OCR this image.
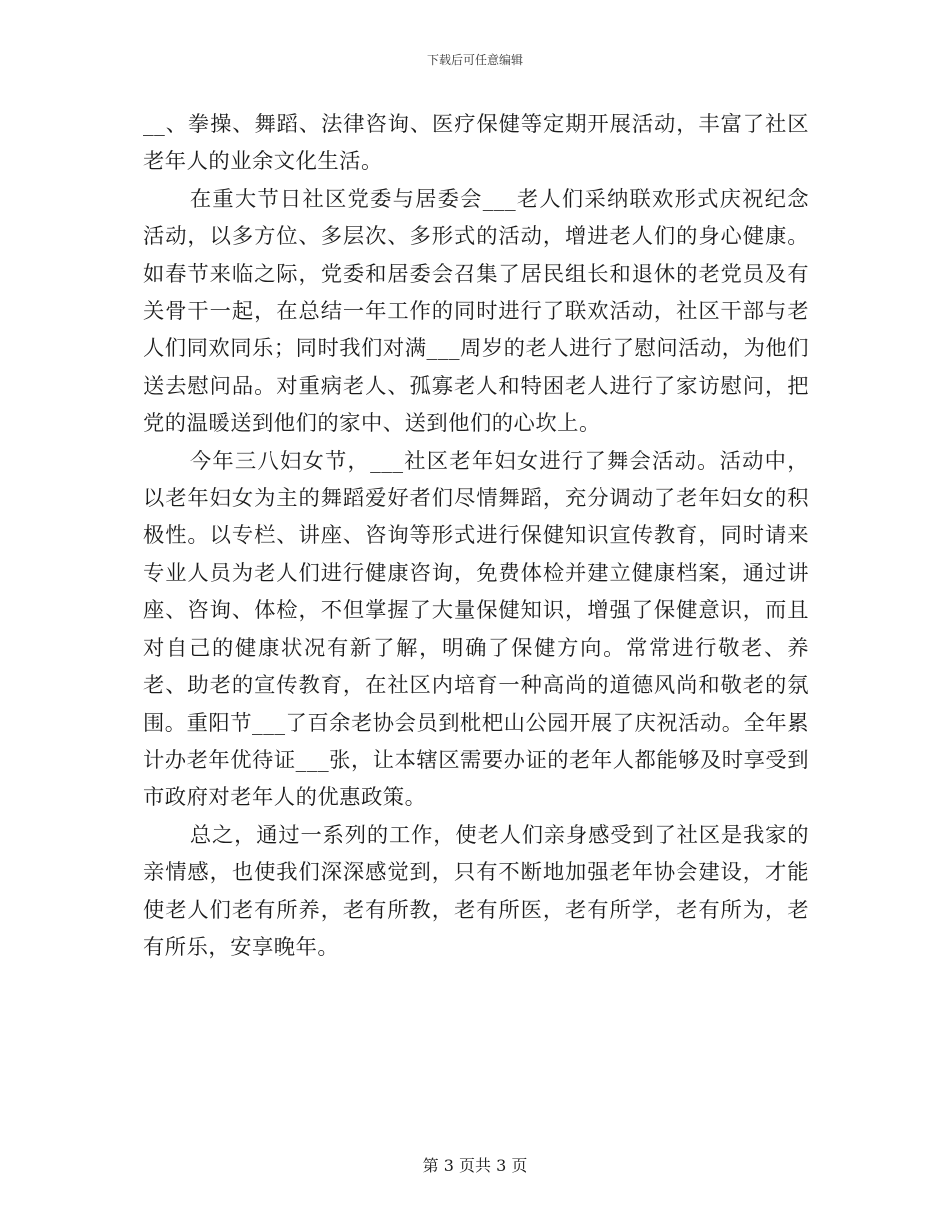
下载后可任意编辑

__、拳操、舞蹈、法律咨询、医疗保健等定期开展活动，丰富了社区老年人的业余文化生活。

在重大节日社区党委与居委会___老人们采纳联欢形式庆祝纪念活动，以多方位、多层次、多形式的活动，增进老人们的身心健康。如春节来临之际，党委和居委会召集了居民组长和退休的老党员及有关骨干一起，在总结一年工作的同时进行了联欢活动，社区干部与老人们同欢同乐；同时我们对满___周岁的老人进行了慰问活动，为他们送去慰问品。对重病老人、孤寡老人和特困老人进行了家访慰问，把党的温暖送到他们的家中、送到他们的心坎上。

今年三八妇女节，___社区老年妇女进行了舞会活动。活动中，以老年妇女为主的舞蹈爱好者们尽情舞蹈，充分调动了老年妇女的积极性。以专栏、讲座、咨询等形式进行保健知识宣传教育，同时请来专业人员为老人们进行健康咨询，免费体检并建立健康档案，通过讲座、咨询、体检，不但掌握了大量保健知识，增强了保健意识，而且对自己的健康状况有新了解，明确了保健方向。常常进行敬老、养老、助老的宣传教育，在社区内培育一种高尚的道德风尚和敬老的氛围。重阳节___了百余老协会员到枇杷山公园开展了庆祝活动。全年累计办老年优待证___张，让本辖区需要办证的老年人都能够及时享受到市政府对老年人的优惠政策。

总之，通过一系列的工作，使老人们亲身感受到了社区是我家的亲情感，也使我们深深感觉到，只有不断地加强老年协会建设，才能使老人们老有所养，老有所教，老有所医，老有所学，老有所为，老有所乐，安享晚年。

第 3 页共 3 页
